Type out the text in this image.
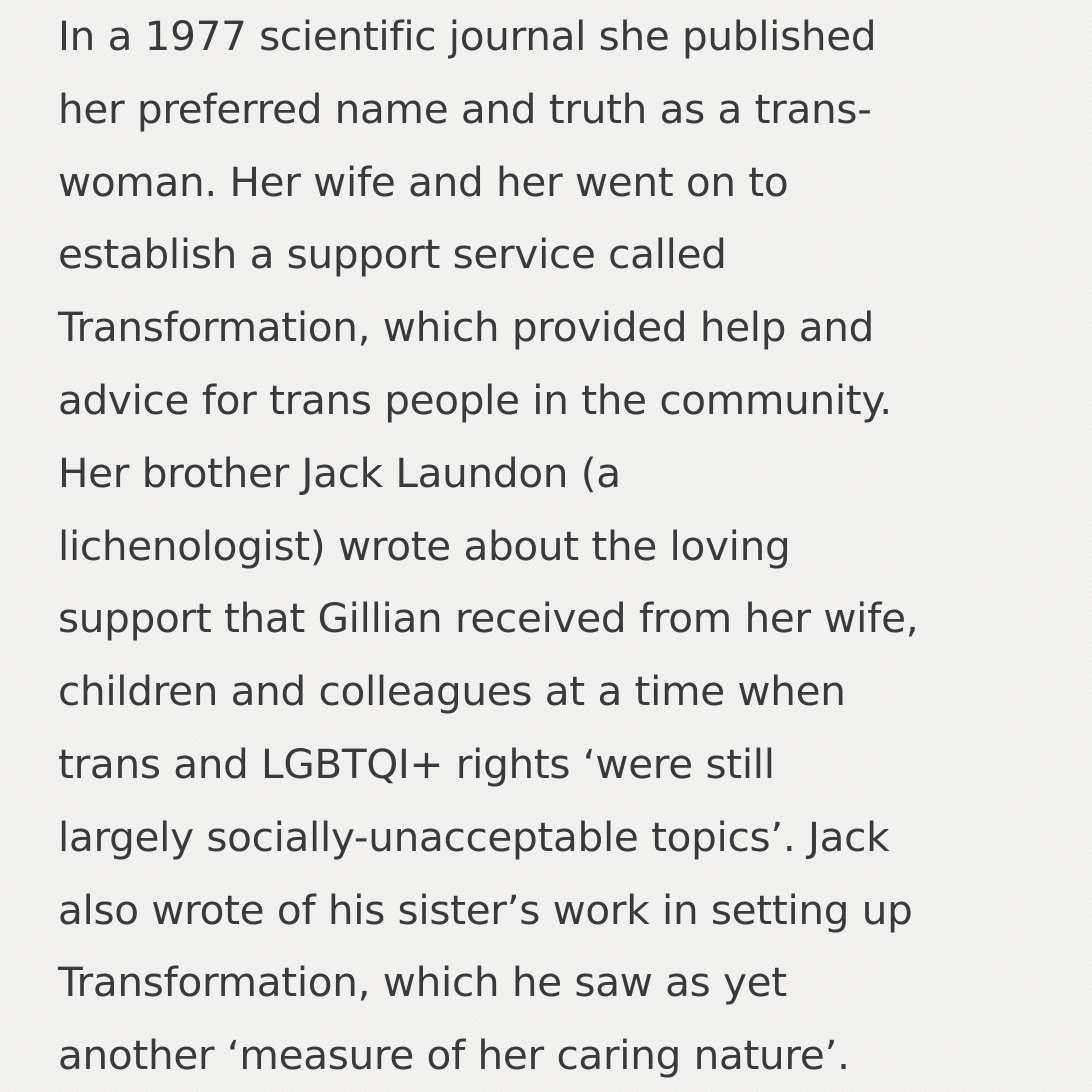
In a 1977 scientific journal she published
her preferred name and truth as a trans-
woman. Her wife and her went on to
establish a support service called
Transformation, which provided help and
advice for trans people in the community.
Her brother Jack Laundon (a
lichenologist) wrote about the loving
support that Gillian received from her wife,
children and colleagues at a time when
trans and LGBTQI+ rights ‘were still
largely socially-unacceptable topics’. Jack
also wrote of his sister’s work in setting up
Transformation, which he saw as yet
another ‘measure of her caring nature’.
